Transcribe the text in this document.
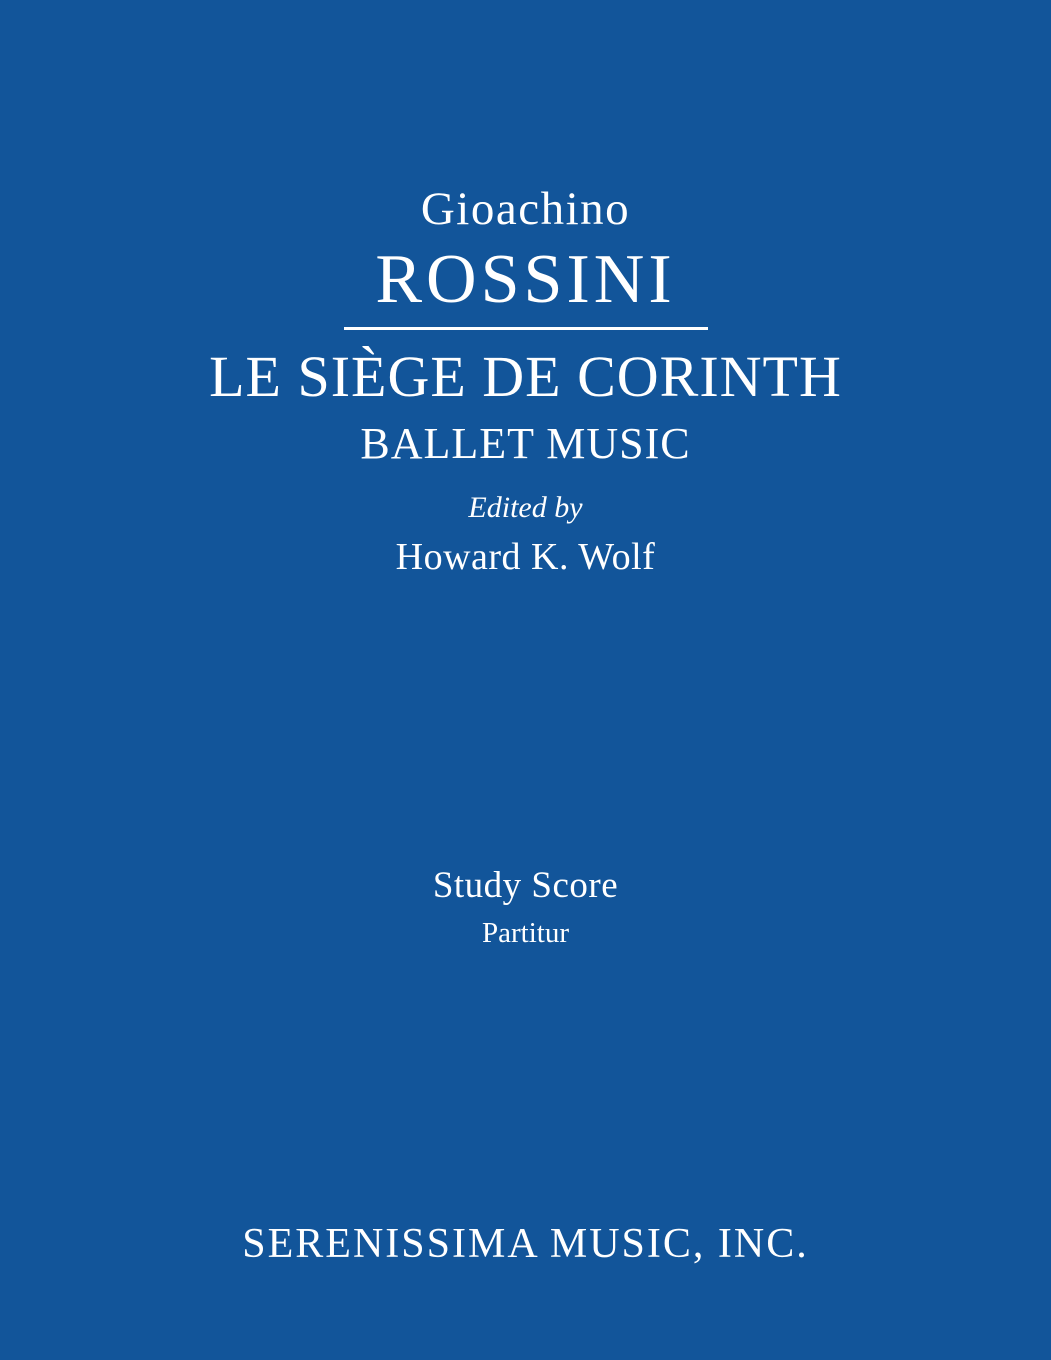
Gioachino
ROSSINI
LE SIÈGE DE CORINTH
BALLET MUSIC
Edited by
Howard K. Wolf
Study Score
Partitur
SERENISSIMA MUSIC, INC.
